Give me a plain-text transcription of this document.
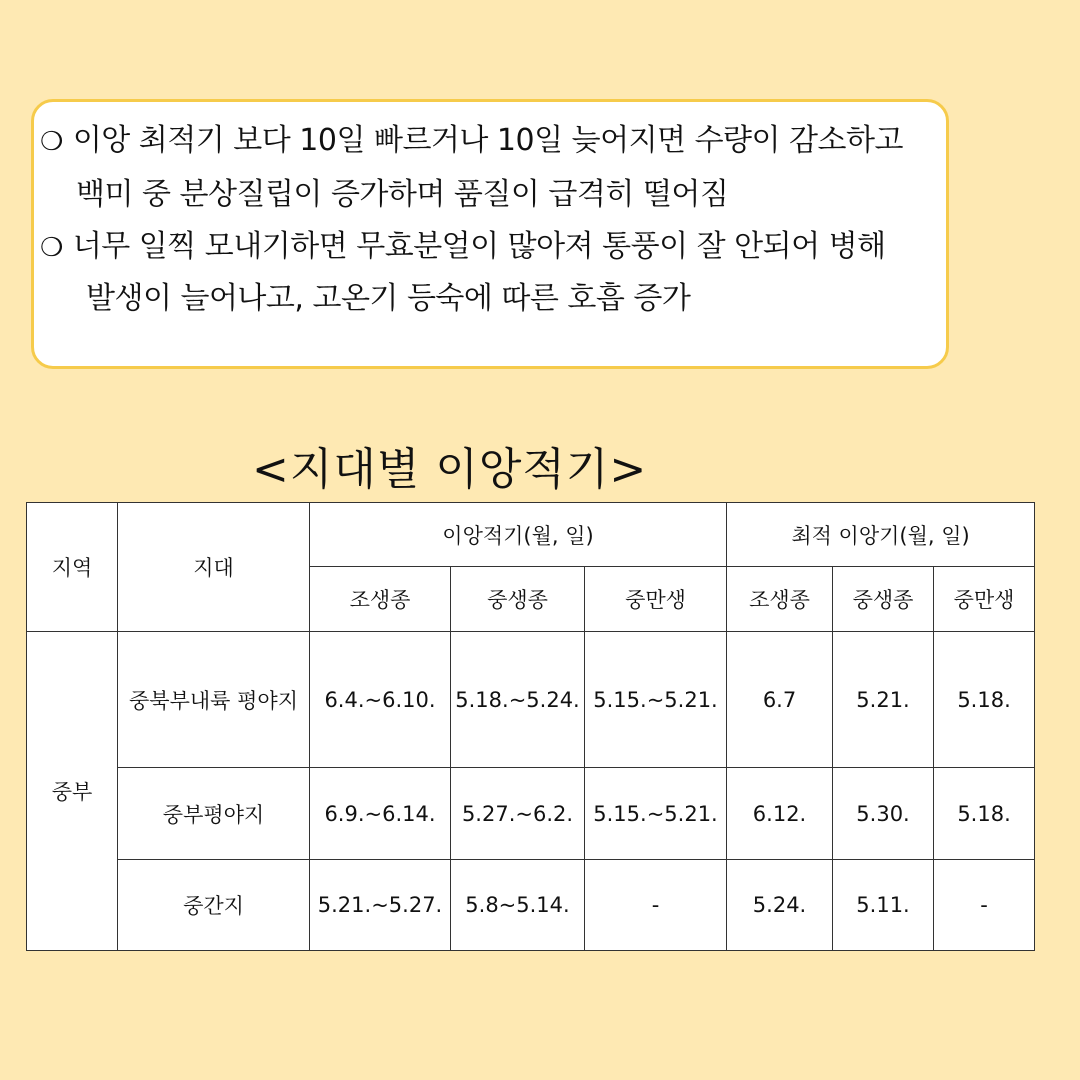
❍ 이앙 최적기 보다 10일 빠르거나 10일 늦어지면 수량이 감소하고
백미 중 분상질립이 증가하며 품질이 급격히 떨어짐
❍ 너무 일찍 모내기하면 무효분얼이 많아져 통풍이 잘 안되어 병해
발생이 늘어나고, 고온기 등숙에 따른 호흡 증가
<지대별 이앙적기>
지역	지대	이앙적기(월, 일)			최적 이앙기(월, 일)		
		조생종	중생종	중만생	조생종	중생종	중만생
중부	중북부내륙 평야지	6.4.~6.10.	5.18.~5.24.	5.15.~5.21.	6.7	5.21.	5.18.
	중부평야지	6.9.~6.14.	5.27.~6.2.	5.15.~5.21.	6.12.	5.30.	5.18.
	중간지	5.21.~5.27.	5.8~5.14.	-	5.24.	5.11.	-
